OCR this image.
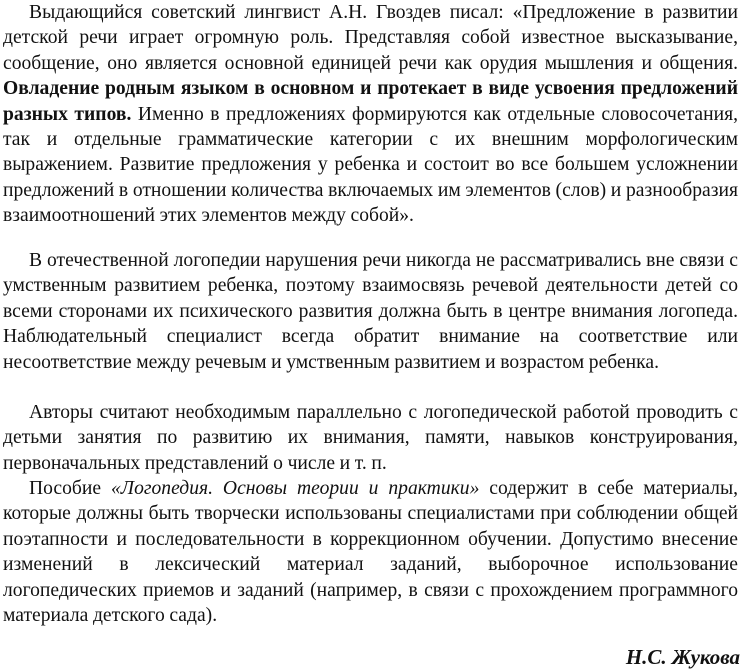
Выдающийся советский лингвист А.Н. Гвоздев писал: «Предложение в развитии детской речи играет огромную роль. Представляя собой известное высказывание, сообщение, оно является основной единицей речи как орудия мышления и общения. Овладение родным языком в основном и протекает в виде усвоения предложений разных типов. Именно в предложениях формируются как отдельные словосочетания, так и отдельные грамматические категории с их внешним морфологическим выражением. Развитие предложения у ребенка и состоит во все большем усложнении предложений в отношении количества включаемых им элементов (слов) и разнообразия взаимоотношений этих элементов между собой».

В отечественной логопедии нарушения речи никогда не рассматривались вне связи с умственным развитием ребенка, поэтому взаимосвязь речевой деятельности детей со всеми сторонами их психического развития должна быть в центре внимания логопеда. Наблюдательный специалист всегда обратит внимание на соответствие или несоответствие между речевым и умственным развитием и возрастом ребенка.

Авторы считают необходимым параллельно с логопедической работой проводить с детьми занятия по развитию их внимания, памяти, навыков конструирования, первоначальных представлений о числе и т. п.

Пособие «Логопедия. Основы теории и практики» содержит в себе материалы, которые должны быть творчески использованы специалистами при соблюдении общей поэтапности и последовательности в коррекционном обучении. Допустимо внесение изменений в лексический материал заданий, выборочное использование логопедических приемов и заданий (например, в связи с прохождением программного материала детского сада).

Н.С. Жукова
